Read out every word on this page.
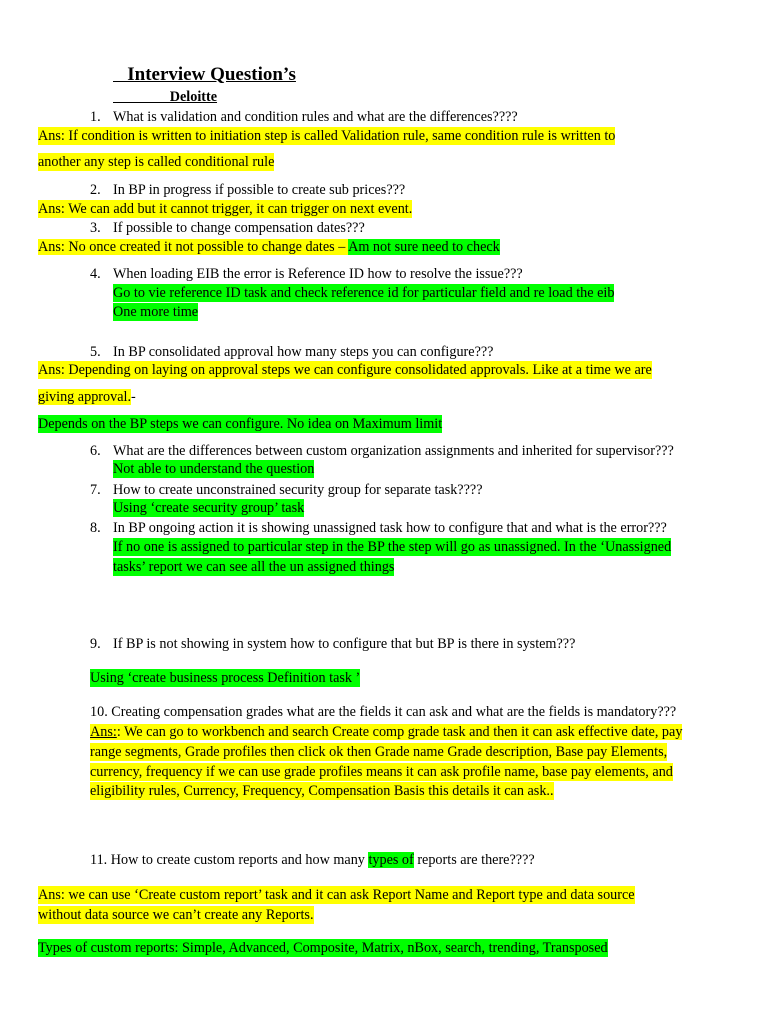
Interview Question’s
Deloitte
1. What is validation and condition rules and what are the differences????
Ans: If condition is written to initiation step is called Validation rule, same condition rule is written to
another any step is called conditional rule
2. In BP in progress if possible to create sub prices???
Ans: We can add but it cannot trigger, it can trigger on next event.
3. If possible to change compensation dates???
Ans: No once created it not possible to change dates – Am not sure need to check
4. When loading EIB the error is Reference ID how to resolve the issue???
Go to vie reference ID task and check reference id for particular field and re load the eib
One more time
5. In BP consolidated approval how many steps you can configure???
Ans: Depending on laying on approval steps we can configure consolidated approvals. Like at a time we are
giving approval.-
Depends on the BP steps we can configure. No idea on Maximum limit
6. What are the differences between custom organization assignments and inherited for supervisor???
Not able to understand the question
7. How to create unconstrained security group for separate task????
Using ‘create security group’ task
8. In BP ongoing action it is showing unassigned task how to configure that and what is the error???
If no one is assigned to particular step in the BP the step will go as unassigned. In the ‘Unassigned
tasks’ report we can see all the un assigned things
9. If BP is not showing in system how to configure that but BP is there in system???
Using ‘create business process Definition task ’
10. Creating compensation grades what are the fields it can ask and what are the fields is mandatory???
Ans:: We can go to workbench and search Create comp grade task and then it can ask effective date, pay
range segments, Grade profiles then click ok then Grade name Grade description, Base pay Elements,
currency, frequency if we can use grade profiles means it can ask profile name, base pay elements, and
eligibility rules, Currency, Frequency, Compensation Basis this details it can ask..
11. How to create custom reports and how many types of reports are there????
Ans: we can use ‘Create custom report’ task and it can ask Report Name and Report type and data source
without data source we can’t create any Reports.
Types of custom reports: Simple, Advanced, Composite, Matrix, nBox, search, trending, Transposed
